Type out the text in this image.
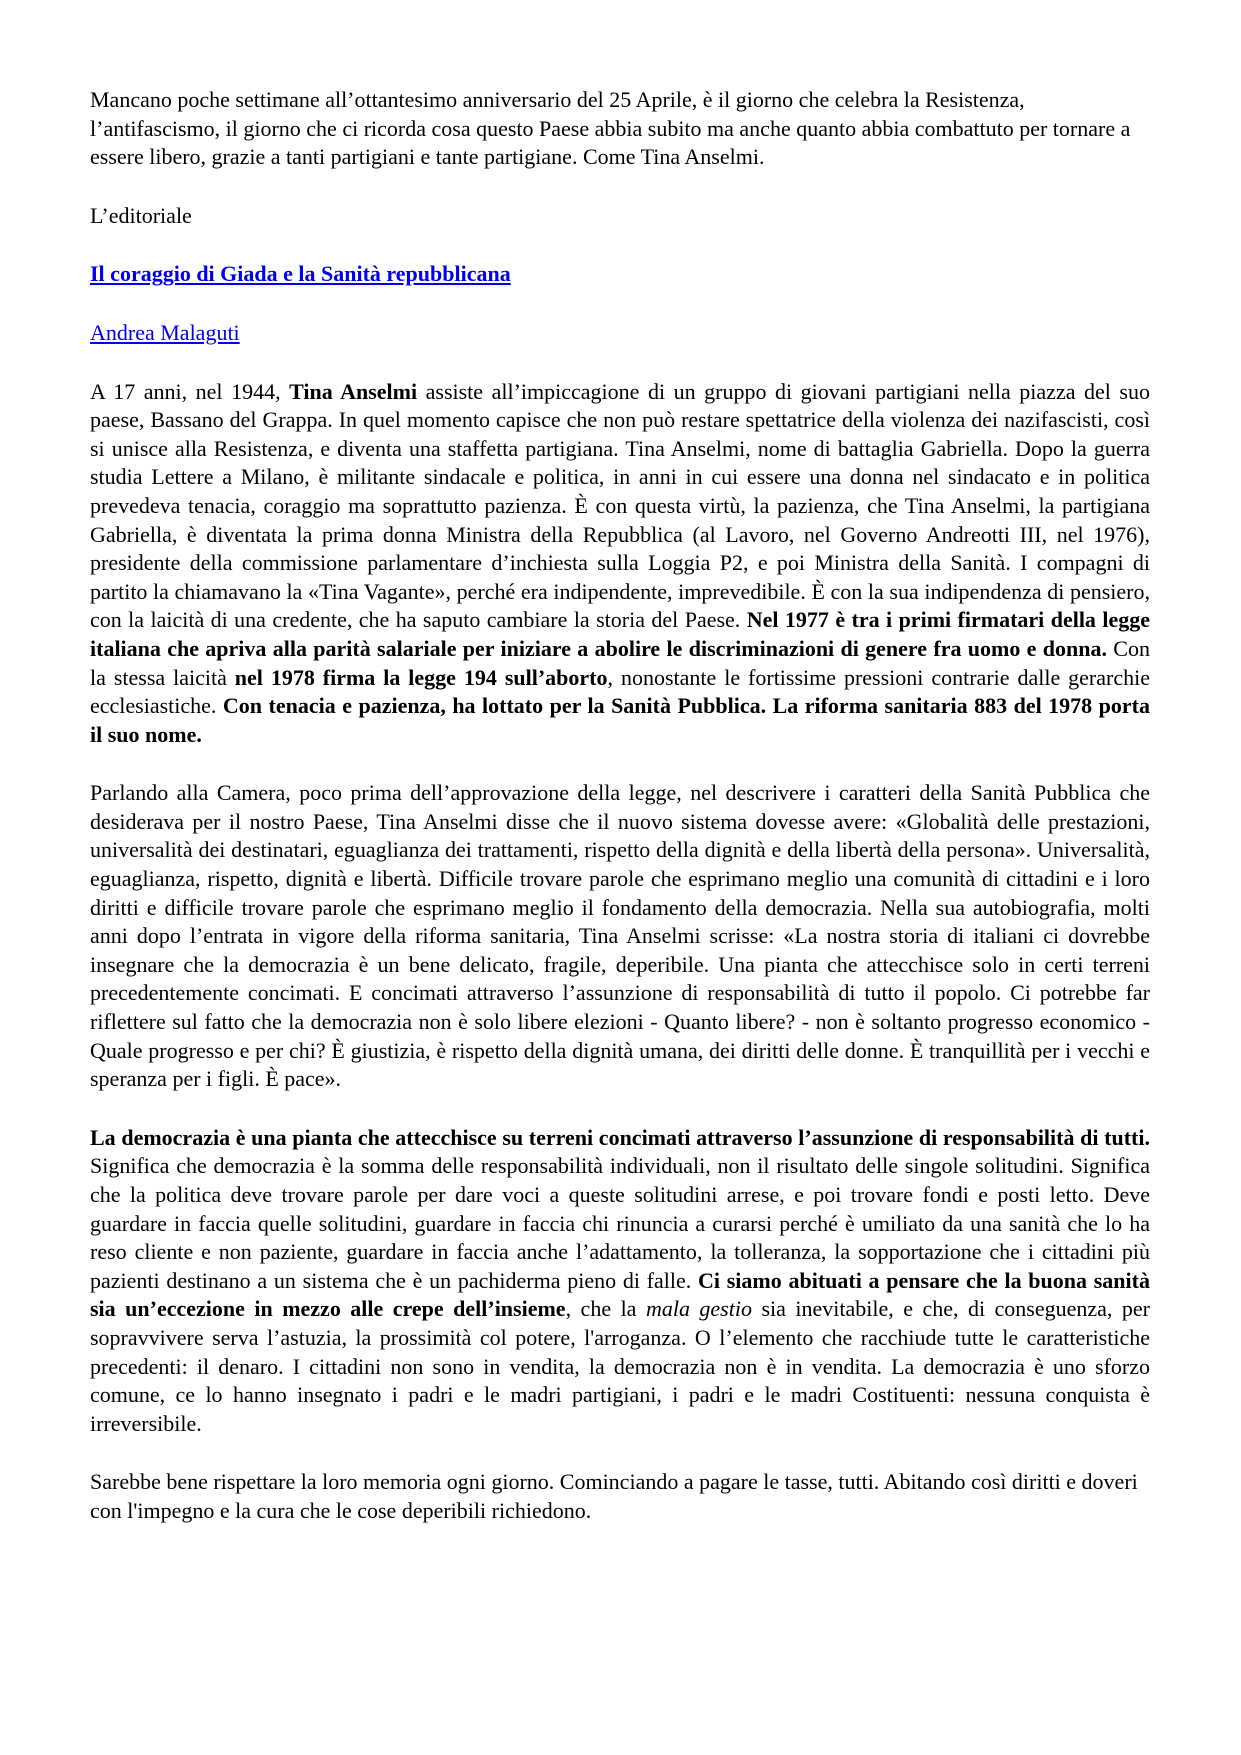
Mancano poche settimane all’ottantesimo anniversario del 25 Aprile, è il giorno che celebra la Resistenza, l’antifascismo, il giorno che ci ricorda cosa questo Paese abbia subito ma anche quanto abbia combattuto per tornare a essere libero, grazie a tanti partigiani e tante partigiane. Come Tina Anselmi.

L’editoriale

Il coraggio di Giada e la Sanità repubblicana

Andrea Malaguti

A 17 anni, nel 1944, Tina Anselmi assiste all’impiccagione di un gruppo di giovani partigiani nella piazza del suo paese, Bassano del Grappa. In quel momento capisce che non può restare spettatrice della violenza dei nazifascisti, così si unisce alla Resistenza, e diventa una staffetta partigiana. Tina Anselmi, nome di battaglia Gabriella. Dopo la guerra studia Lettere a Milano, è militante sindacale e politica, in anni in cui essere una donna nel sindacato e in politica prevedeva tenacia, coraggio ma soprattutto pazienza. È con questa virtù, la pazienza, che Tina Anselmi, la partigiana Gabriella, è diventata la prima donna Ministra della Repubblica (al Lavoro, nel Governo Andreotti III, nel 1976), presidente della commissione parlamentare d’inchiesta sulla Loggia P2, e poi Ministra della Sanità. I compagni di partito la chiamavano la «Tina Vagante», perché era indipendente, imprevedibile. È con la sua indipendenza di pensiero, con la laicità di una credente, che ha saputo cambiare la storia del Paese. Nel 1977 è tra i primi firmatari della legge italiana che apriva alla parità salariale per iniziare a abolire le discriminazioni di genere fra uomo e donna. Con la stessa laicità nel 1978 firma la legge 194 sull’aborto, nonostante le fortissime pressioni contrarie dalle gerarchie ecclesiastiche. Con tenacia e pazienza, ha lottato per la Sanità Pubblica. La riforma sanitaria 883 del 1978 porta il suo nome.

Parlando alla Camera, poco prima dell’approvazione della legge, nel descrivere i caratteri della Sanità Pubblica che desiderava per il nostro Paese, Tina Anselmi disse che il nuovo sistema dovesse avere: «Globalità delle prestazioni, universalità dei destinatari, eguaglianza dei trattamenti, rispetto della dignità e della libertà della persona». Universalità, eguaglianza, rispetto, dignità e libertà. Difficile trovare parole che esprimano meglio una comunità di cittadini e i loro diritti e difficile trovare parole che esprimano meglio il fondamento della democrazia. Nella sua autobiografia, molti anni dopo l’entrata in vigore della riforma sanitaria, Tina Anselmi scrisse: «La nostra storia di italiani ci dovrebbe insegnare che la democrazia è un bene delicato, fragile, deperibile. Una pianta che attecchisce solo in certi terreni precedentemente concimati. E concimati attraverso l’assunzione di responsabilità di tutto il popolo. Ci potrebbe far riflettere sul fatto che la democrazia non è solo libere elezioni - Quanto libere? - non è soltanto progresso economico - Quale progresso e per chi? È giustizia, è rispetto della dignità umana, dei diritti delle donne. È tranquillità per i vecchi e speranza per i figli. È pace».

La democrazia è una pianta che attecchisce su terreni concimati attraverso l’assunzione di responsabilità di tutti. Significa che democrazia è la somma delle responsabilità individuali, non il risultato delle singole solitudini. Significa che la politica deve trovare parole per dare voci a queste solitudini arrese, e poi trovare fondi e posti letto. Deve guardare in faccia quelle solitudini, guardare in faccia chi rinuncia a curarsi perché è umiliato da una sanità che lo ha reso cliente e non paziente, guardare in faccia anche l’adattamento, la tolleranza, la sopportazione che i cittadini più pazienti destinano a un sistema che è un pachiderma pieno di falle. Ci siamo abituati a pensare che la buona sanità sia un’eccezione in mezzo alle crepe dell’insieme, che la mala gestio sia inevitabile, e che, di conseguenza, per sopravvivere serva l’astuzia, la prossimità col potere, l'arroganza. O l’elemento che racchiude tutte le caratteristiche precedenti: il denaro. I cittadini non sono in vendita, la democrazia non è in vendita. La democrazia è uno sforzo comune, ce lo hanno insegnato i padri e le madri partigiani, i padri e le madri Costituenti: nessuna conquista è irreversibile.

Sarebbe bene rispettare la loro memoria ogni giorno. Cominciando a pagare le tasse, tutti. Abitando così diritti e doveri con l'impegno e la cura che le cose deperibili richiedono.
